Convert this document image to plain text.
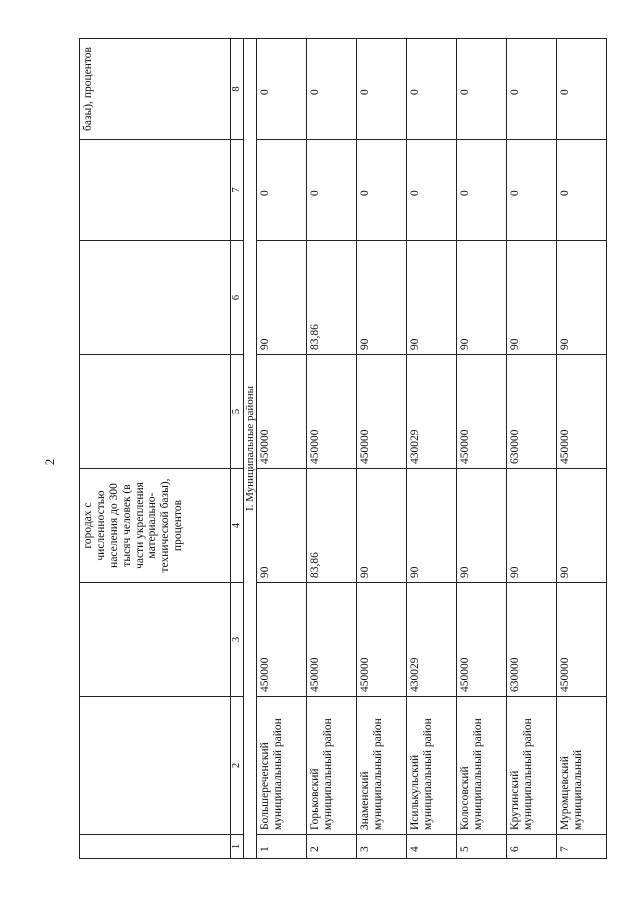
2

			городах с численностью населения до 300 тысяч человек (в части укрепления материально-технической базы), процентов				базы), процентов

1	2	3	4	5	6	7	8
I. Муниципальные районы							
1	Большереченский муниципальный район	450000	90	450000	90	0	0
2	Горьковский муниципальный район	450000	83,86	450000	83,86	0	0
3	Знаменский муниципальный район	450000	90	450000	90	0	0
4	Исилькульский муниципальный район	430029	90	430029	90	0	0
5	Колосовский муниципальный район	450000	90	450000	90	0	0
6	Крутинский муниципальный район	630000	90	630000	90	0	0
7	Муромцевский муниципальный	450000	90	450000	90	0	0
